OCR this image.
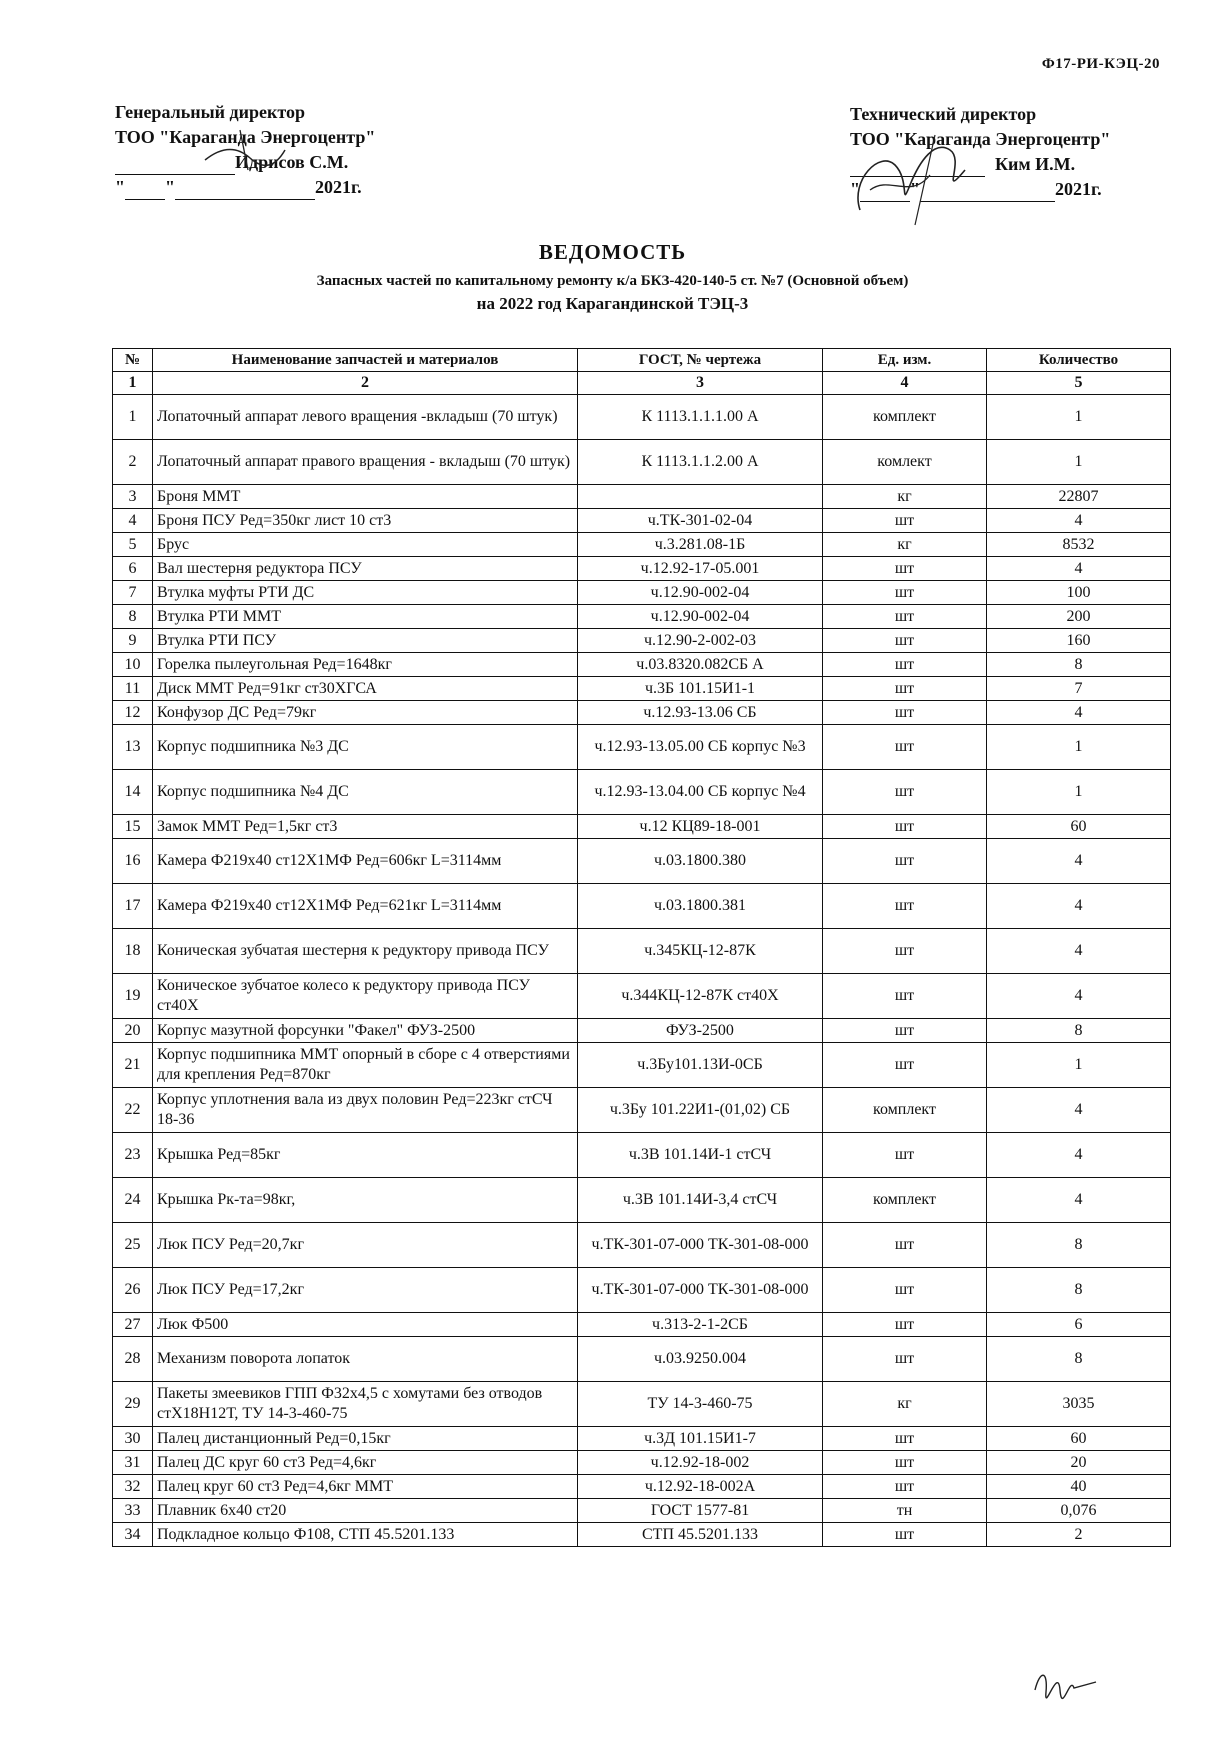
Ф17-РИ-КЭЦ-20
Генеральный директор
ТОО "Караганда Энергоцентр"
Идрисов С.М.
" "	2021г.
Технический директор
ТОО "Караганда Энергоцентр"
Ким И.М.
"	"	2021г.
ВЕДОМОСТЬ
Запасных частей по капитальному ремонту к/а БКЗ-420-140-5 ст. №7 (Основной объем)
на 2022 год Карагандинской ТЭЦ-3
№	Наименование запчастей и материалов	ГОСТ, № чертежа	Ед. изм.	Количество
1	2	3	4	5
1	Лопаточный аппарат левого вращения -вкладыш (70 штук)	К 1113.1.1.1.00 А	комплект	1
2	Лопаточный аппарат правого вращения - вкладыш (70 штук)	К 1113.1.1.2.00 А	комлект	1
3	Броня ММТ		кг	22807
4	Броня ПСУ Ред=350кг лист 10 ст3	ч.ТК-301-02-04	шт	4
5	Брус	ч.3.281.08-1Б	кг	8532
6	Вал шестерня редуктора ПСУ	ч.12.92-17-05.001	шт	4
7	Втулка муфты РТИ ДС	ч.12.90-002-04	шт	100
8	Втулка РТИ ММТ	ч.12.90-002-04	шт	200
9	Втулка РТИ ПСУ	ч.12.90-2-002-03	шт	160
10	Горелка пылеугольная Ред=1648кг	ч.03.8320.082СБ А	шт	8
11	Диск ММТ Ред=91кг ст30ХГСА	ч.3Б 101.15И1-1	шт	7
12	Конфузор ДС Ред=79кг	ч.12.93-13.06 СБ	шт	4
13	Корпус подшипника №3 ДС	ч.12.93-13.05.00 СБ корпус №3	шт	1
14	Корпус подшипника №4 ДС	ч.12.93-13.04.00 СБ корпус №4	шт	1
15	Замок ММТ Ред=1,5кг ст3	ч.12 КЦ89-18-001	шт	60
16	Камера Ф219х40 ст12Х1МФ Ред=606кг L=3114мм	ч.03.1800.380	шт	4
17	Камера Ф219х40 ст12Х1МФ Ред=621кг L=3114мм	ч.03.1800.381	шт	4
18	Коническая зубчатая шестерня к редуктору привода ПСУ	ч.345КЦ-12-87К	шт	4
19	Коническое зубчатое колесо к редуктору привода ПСУ ст40Х	ч.344КЦ-12-87К ст40Х	шт	4
20	Корпус мазутной форсунки "Факел" ФУЗ-2500	ФУЗ-2500	шт	8
21	Корпус подшипника ММТ опорный в сборе с 4 отверстиями для крепления Ред=870кг	ч.3Бу101.13И-0СБ	шт	1
22	Корпус уплотнения вала из двух половин Ред=223кг стСЧ 18-36	ч.3Бу 101.22И1-(01,02) СБ	комплект	4
23	Крышка Ред=85кг	ч.3В 101.14И-1 стСЧ	шт	4
24	Крышка Рк-та=98кг,	ч.3В 101.14И-3,4 стСЧ	комплект	4
25	Люк ПСУ Ред=20,7кг	ч.ТК-301-07-000 ТК-301-08-000	шт	8
26	Люк ПСУ Ред=17,2кг	ч.ТК-301-07-000 ТК-301-08-000	шт	8
27	Люк Ф500	ч.313-2-1-2СБ	шт	6
28	Механизм поворота лопаток	ч.03.9250.004	шт	8
29	Пакеты змеевиков ГПП Ф32х4,5 с хомутами без отводов стХ18Н12Т, ТУ 14-3-460-75	ТУ 14-3-460-75	кг	3035
30	Палец дистанционный Ред=0,15кг	ч.3Д 101.15И1-7	шт	60
31	Палец ДС круг 60 ст3 Ред=4,6кг	ч.12.92-18-002	шт	20
32	Палец круг 60 ст3 Ред=4,6кг ММТ	ч.12.92-18-002А	шт	40
33	Плавник 6х40 ст20	ГОСТ 1577-81	тн	0,076
34	Подкладное кольцо Ф108, СТП 45.5201.133	СТП 45.5201.133	шт	2
